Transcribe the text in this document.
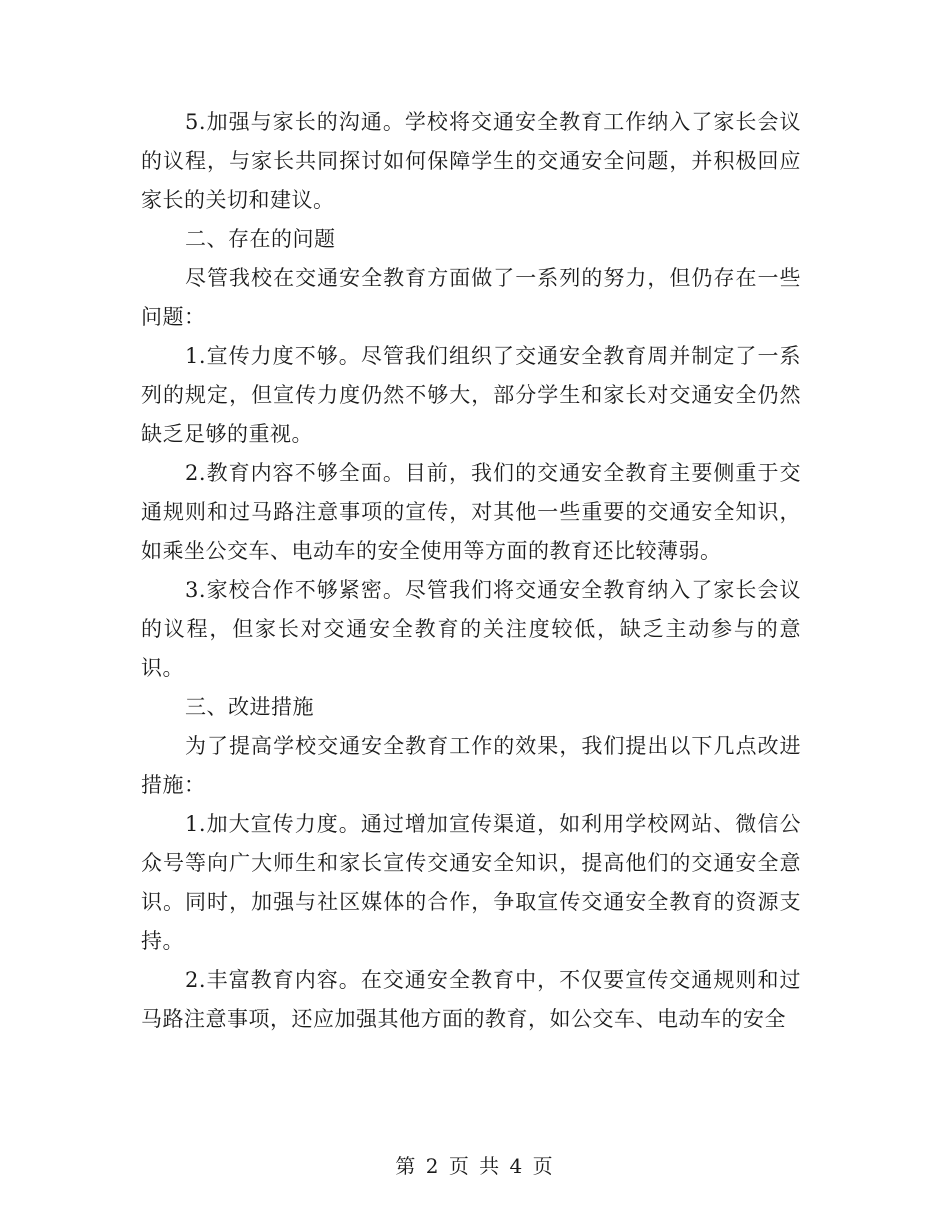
5.加强与家长的沟通。学校将交通安全教育工作纳入了家长会议的议程，与家长共同探讨如何保障学生的交通安全问题，并积极回应家长的关切和建议。

二、存在的问题

尽管我校在交通安全教育方面做了一系列的努力，但仍存在一些问题：

1.宣传力度不够。尽管我们组织了交通安全教育周并制定了一系列的规定，但宣传力度仍然不够大，部分学生和家长对交通安全仍然缺乏足够的重视。

2.教育内容不够全面。目前，我们的交通安全教育主要侧重于交通规则和过马路注意事项的宣传，对其他一些重要的交通安全知识，如乘坐公交车、电动车的安全使用等方面的教育还比较薄弱。

3.家校合作不够紧密。尽管我们将交通安全教育纳入了家长会议的议程，但家长对交通安全教育的关注度较低，缺乏主动参与的意识。

三、改进措施

为了提高学校交通安全教育工作的效果，我们提出以下几点改进措施：

1.加大宣传力度。通过增加宣传渠道，如利用学校网站、微信公众号等向广大师生和家长宣传交通安全知识，提高他们的交通安全意识。同时，加强与社区媒体的合作，争取宣传交通安全教育的资源支持。

2.丰富教育内容。在交通安全教育中，不仅要宣传交通规则和过马路注意事项，还应加强其他方面的教育，如公交车、电动车的安全

第 2 页 共 4 页
